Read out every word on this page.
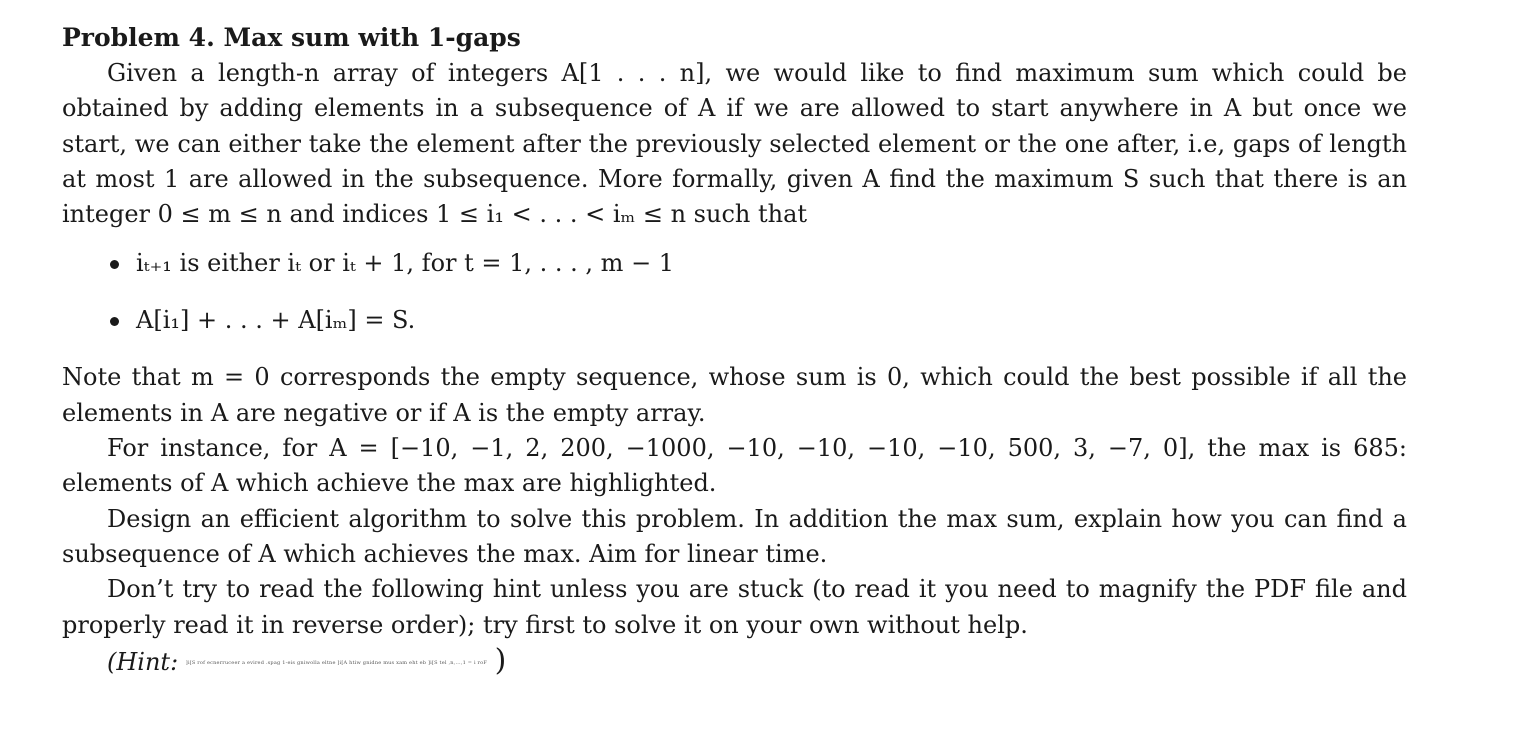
Problem 4. Max sum with 1-gaps

Given a length-n array of integers A[1 . . . n], we would like to find maximum sum which could be obtained by adding elements in a subsequence of A if we are allowed to start anywhere in A but once we start, we can either take the element after the previously selected element or the one after, i.e, gaps of length at most 1 are allowed in the subsequence. More formally, given A find the maximum S such that there is an integer 0 ≤ m ≤ n and indices 1 ≤ i₁ < . . . < iₘ ≤ n such that

iₜ₊₁ is either iₜ or iₜ + 1, for t = 1, . . . , m − 1
A[i₁] + . . . + A[iₘ] = S.

Note that m = 0 corresponds the empty sequence, whose sum is 0, which could the best possible if all the elements in A are negative or if A is the empty array.

For instance, for A = [−10, −1, 2, 200, −1000, −10, −10, −10, −10, 500, 3, −7, 0], the max is 685: elements of A which achieve the max are highlighted.

Design an efficient algorithm to solve this problem. In addition the max sum, explain how you can find a subsequence of A which achieves the max. Aim for linear time.

Don’t try to read the following hint unless you are stuck (to read it you need to magnify the PDF file and properly read it in reverse order); try first to solve it on your own without help.

(Hint: ]i[S rof ecnerruceer a evired .spag 1-eis gniwolla eltne ]i[A htiw gnidne mus xam eht eb ]i[S tel ,n,...,1 = i roF )
